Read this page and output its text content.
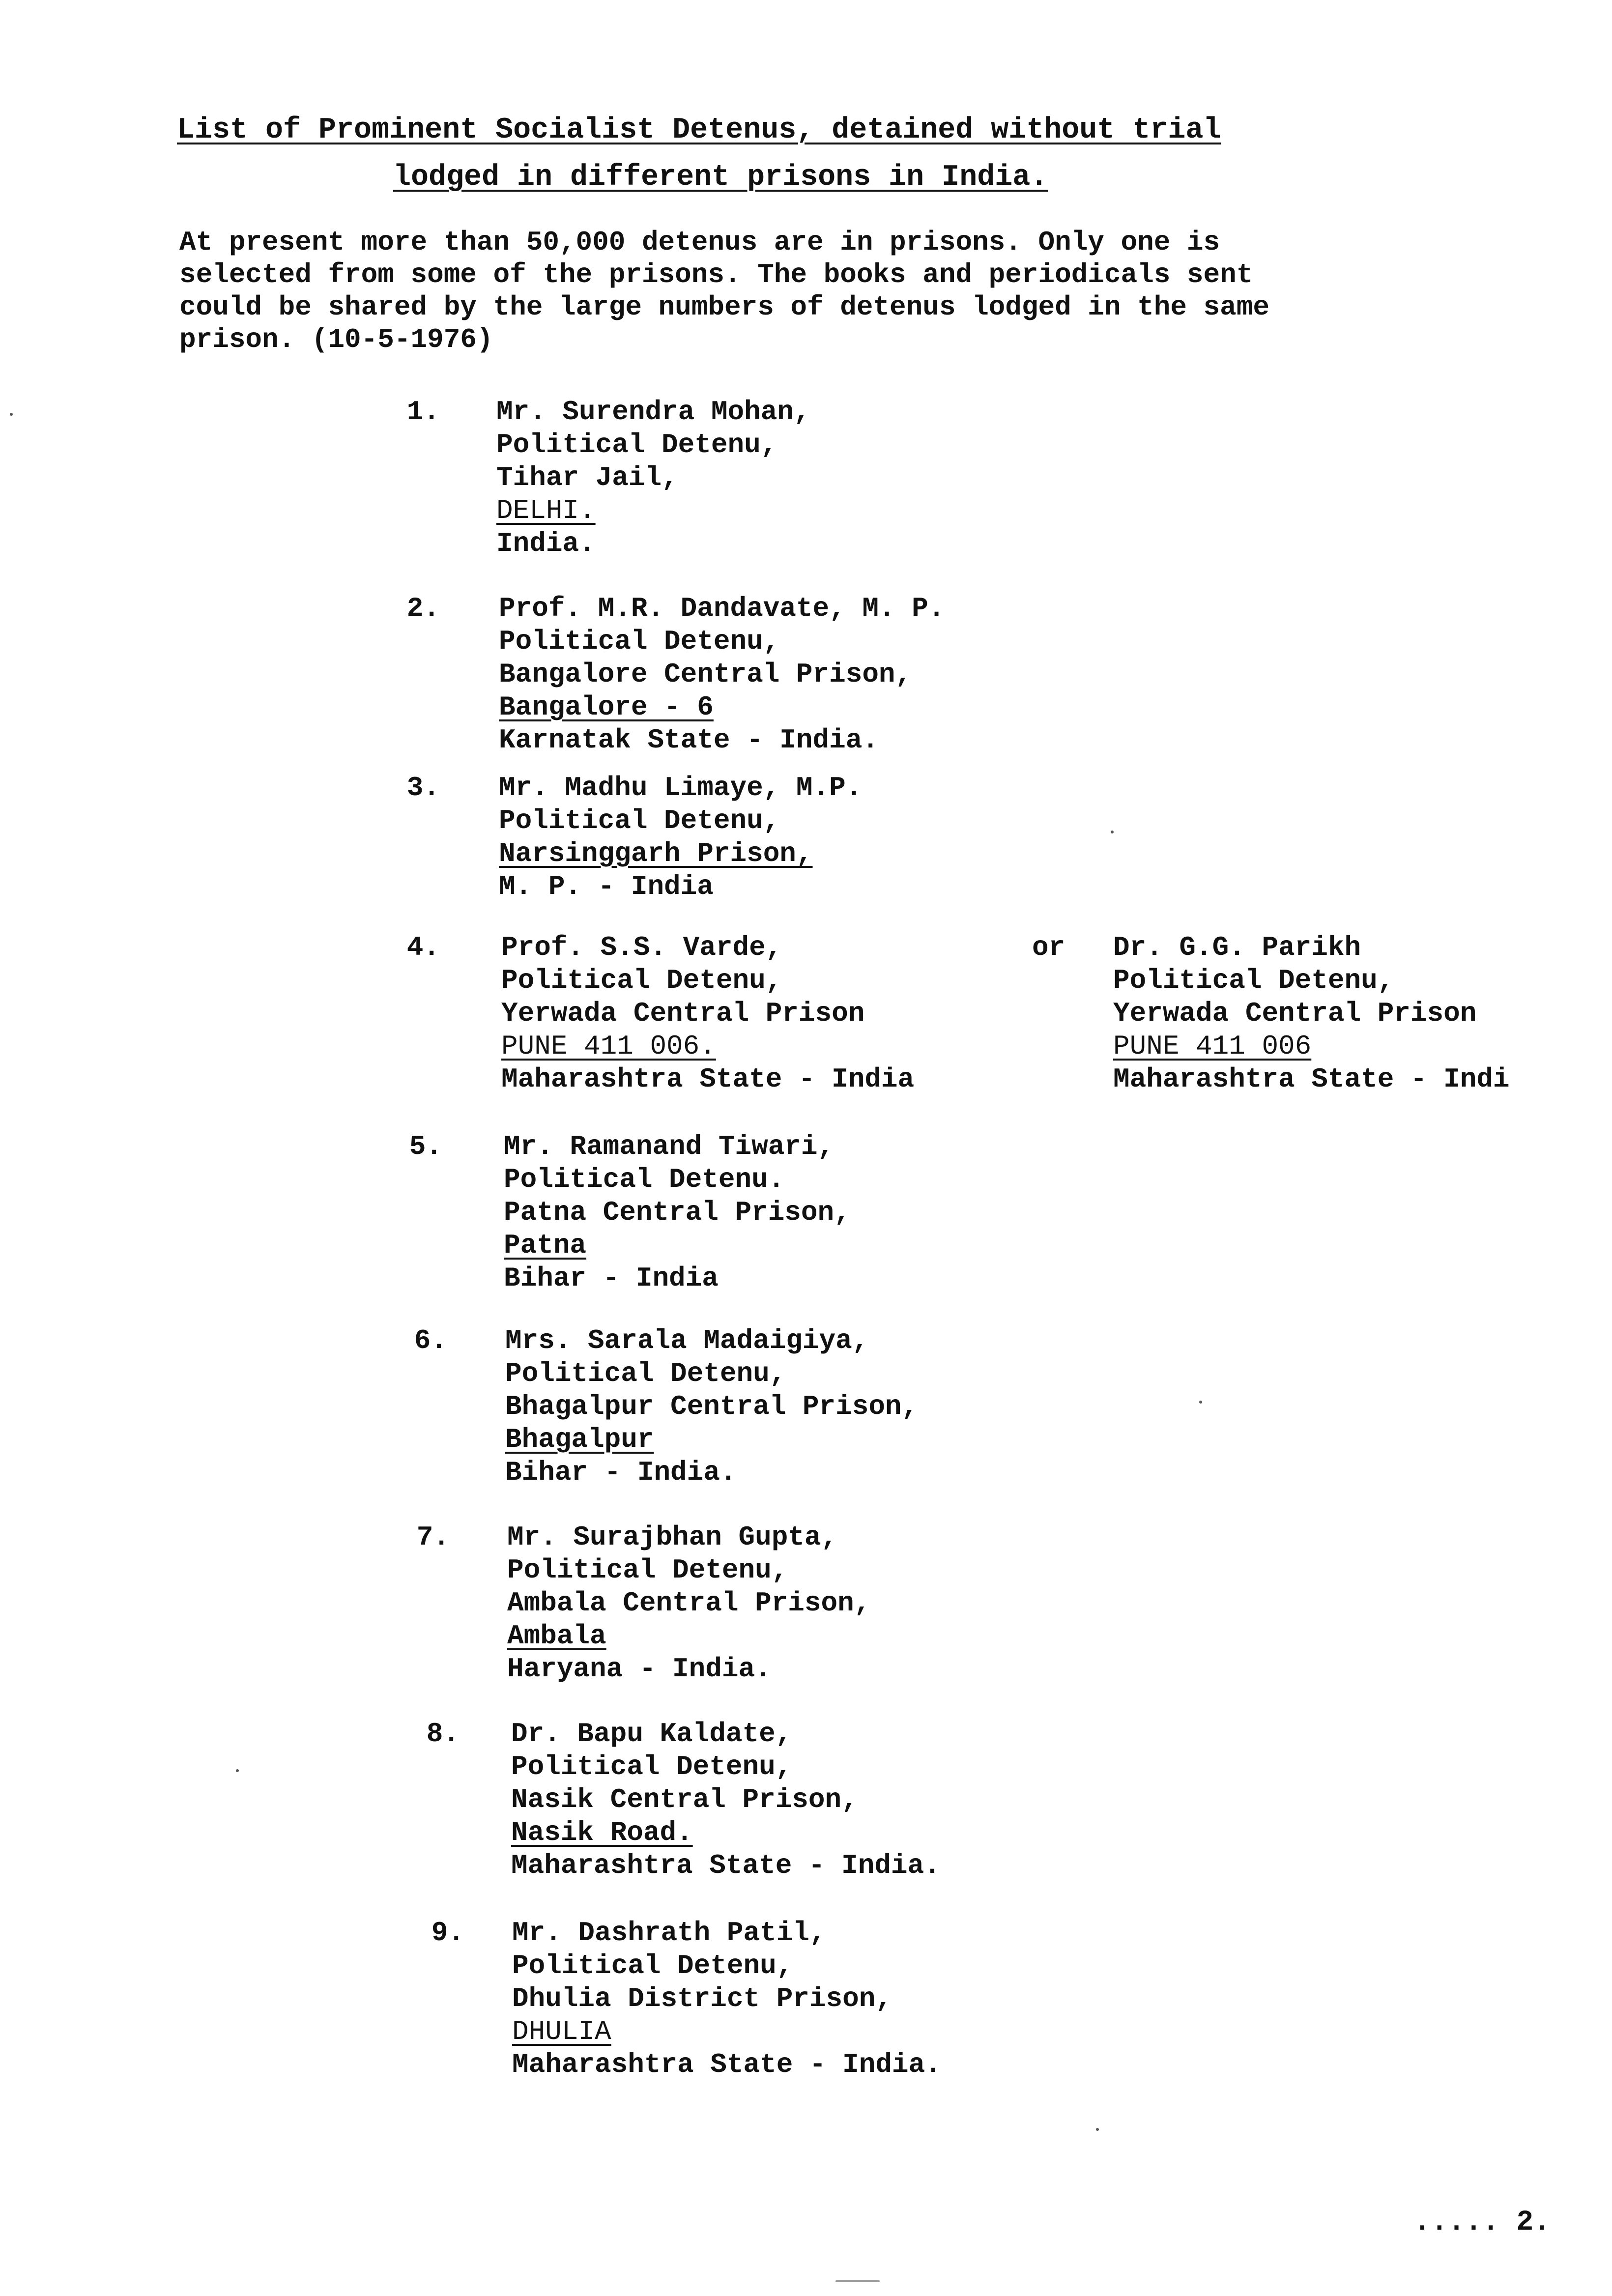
List of Prominent Socialist Detenus, detained without trial
lodged in different prisons in India.
At present more than 50,000 detenus are in prisons. Only one is
selected from some of the prisons. The books and periodicals sent
could be shared by the large numbers of detenus lodged in the same
prison. (10-5-1976)
1. Mr. Surendra Mohan,
Political Detenu,
Tihar Jail,
DELHI.
India.
2. Prof. M.R. Dandavate, M. P.
Political Detenu,
Bangalore Central Prison,
Bangalore - 6
Karnatak State - India.
3. Mr. Madhu Limaye, M.P.
Political Detenu,
Narsinggarh Prison,
M. P. - India
4. Prof. S.S. Varde,
Political Detenu,
Yerwada Central Prison
PUNE 411 006.
Maharashtra State - India
or Dr. G.G. Parikh
Political Detenu,
Yerwada Central Prison
PUNE 411 006
Maharashtra State - Indi
5. Mr. Ramanand Tiwari,
Political Detenu.
Patna Central Prison,
Patna
Bihar - India
6. Mrs. Sarala Madaigiya,
Political Detenu,
Bhagalpur Central Prison,
Bhagalpur
Bihar - India.
7. Mr. Surajbhan Gupta,
Political Detenu,
Ambala Central Prison,
Ambala
Haryana - India.
8. Dr. Bapu Kaldate,
Political Detenu,
Nasik Central Prison,
Nasik Road.
Maharashtra State - India.
9. Mr. Dashrath Patil,
Political Detenu,
Dhulia District Prison,
DHULIA
Maharashtra State - India.
..... 2.
